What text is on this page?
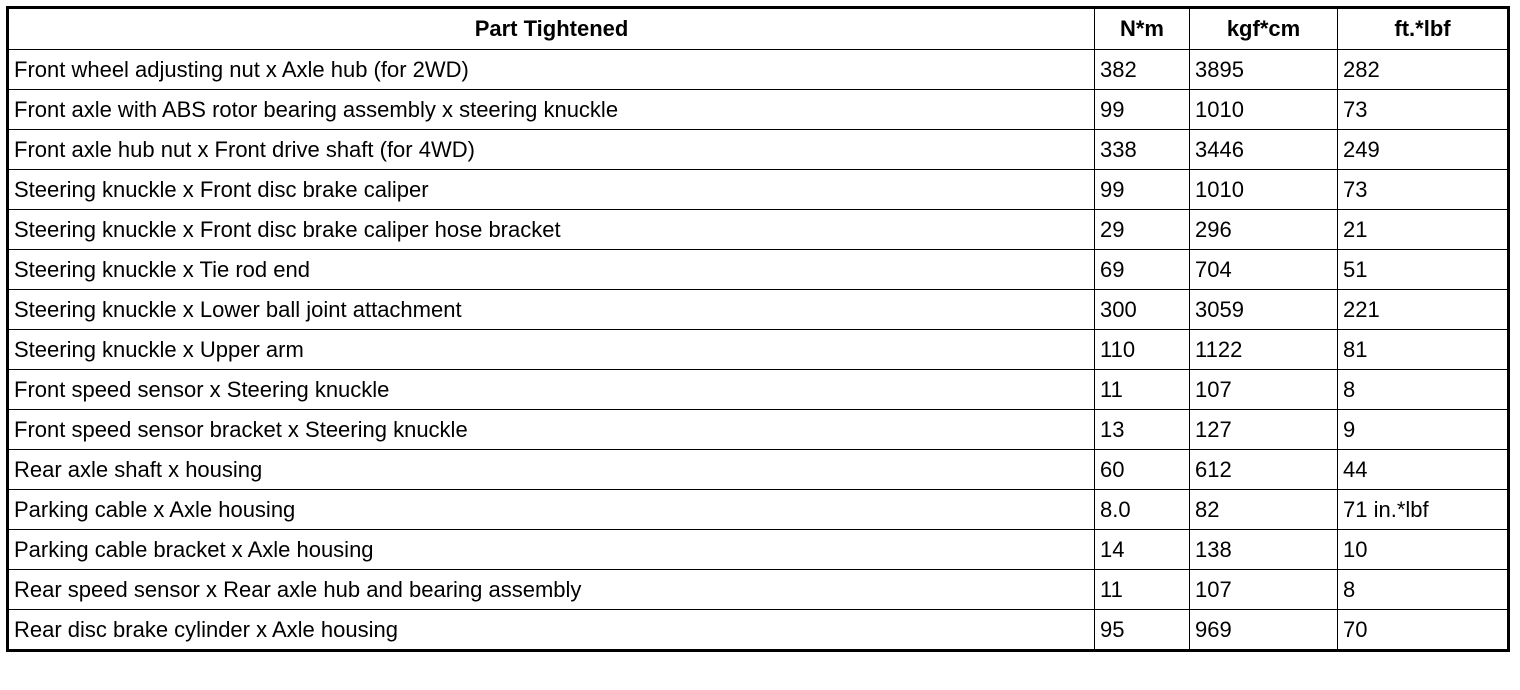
Part Tightened	N*m	kgf*cm	ft.*lbf
Front wheel adjusting nut x Axle hub (for 2WD)	382	3895	282
Front axle with ABS rotor bearing assembly x steering knuckle	99	1010	73
Front axle hub nut x Front drive shaft (for 4WD)	338	3446	249
Steering knuckle x Front disc brake caliper	99	1010	73
Steering knuckle x Front disc brake caliper hose bracket	29	296	21
Steering knuckle x Tie rod end	69	704	51
Steering knuckle x Lower ball joint attachment	300	3059	221
Steering knuckle x Upper arm	110	1122	81
Front speed sensor x Steering knuckle	11	107	8
Front speed sensor bracket x Steering knuckle	13	127	9
Rear axle shaft x housing	60	612	44
Parking cable x Axle housing	8.0	82	71 in.*lbf
Parking cable bracket x Axle housing	14	138	10
Rear speed sensor x Rear axle hub and bearing assembly	11	107	8
Rear disc brake cylinder x Axle housing	95	969	70
